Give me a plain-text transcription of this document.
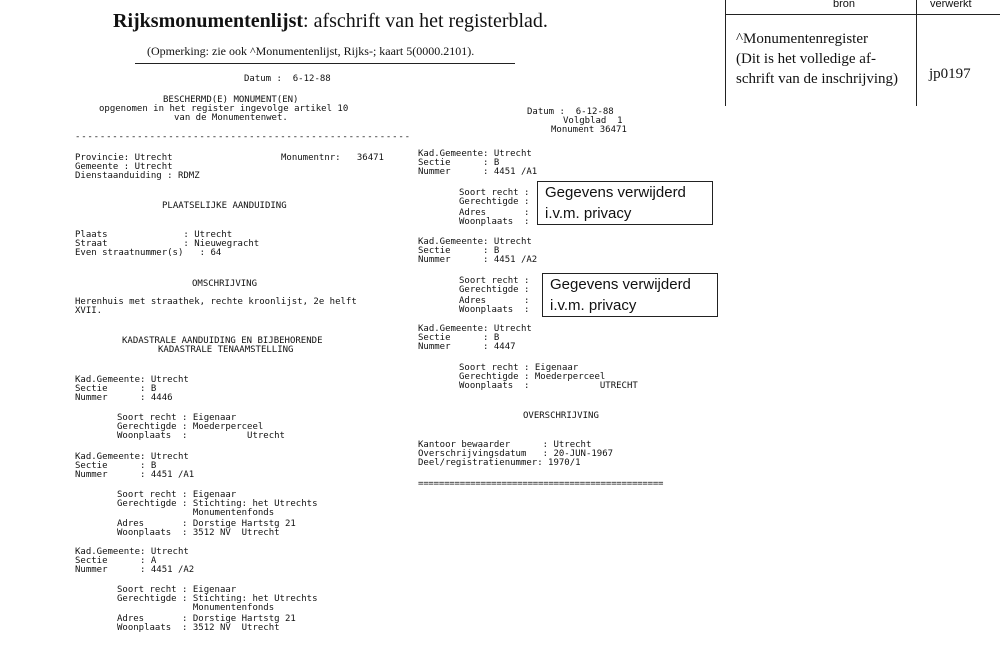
Rijksmonumentenlijst: afschrift van het registerblad.
(Opmerking: zie ook ^Monumentenlijst, Rijks-; kaart 5(0000.2101).

bron

	verwerkt

^Monumentenregister
(Dit is het volledige af-
schrift van de inschrijving)

jp0197

Datum :  6-12-88
BESCHERMD(E) MONUMENT(EN)
opgenomen in het register ingevolge artikel 10
van de Monumentenwet.
------------------------------------------------------
Provincie: Utrecht	Monumentnr:   36471
Gemeente : Utrecht
Dienstaanduiding : RDMZ
PLAATSELIJKE AANDUIDING
Plaats              : Utrecht
Straat              : Nieuwegracht
Even straatnummer(s)   : 64
OMSCHRIJVING
Herenhuis met straathek, rechte kroonlijst, 2e helft
XVII.
KADASTRALE AANDUIDING EN BIJBEHORENDE
KADASTRALE TENAAMSTELLING
Kad.Gemeente: Utrecht
Sectie      : B
Nummer      : 4446
Soort recht : Eigenaar
Gerechtigde : Moederperceel
Woonplaats  :           Utrecht
Kad.Gemeente: Utrecht
Sectie      : B
Nummer      : 4451 /A1
Soort recht : Eigenaar
Gerechtigde : Stichting: het Utrechts
Monumentenfonds
Adres       : Dorstige Hartstg 21
Woonplaats  : 3512 NV  Utrecht
Kad.Gemeente: Utrecht
Sectie      : A
Nummer      : 4451 /A2
Soort recht : Eigenaar
Gerechtigde : Stichting: het Utrechts
Monumentenfonds
Adres       : Dorstige Hartstg 21
Woonplaats  : 3512 NV  Utrecht
Datum :  6-12-88
Volgblad  1
Monument 36471
Kad.Gemeente: Utrecht
Sectie      : B
Nummer      : 4451 /A1
Soort recht :
Gerechtigde :
Adres       :
Woonplaats  :
Kad.Gemeente: Utrecht
Sectie      : B
Nummer      : 4451 /A2
Soort recht :
Gerechtigde :
Adres       :
Woonplaats  :
Kad.Gemeente: Utrecht
Sectie      : B
Nummer      : 4447
Soort recht : Eigenaar
Gerechtigde : Moederperceel
Woonplaats  :             UTRECHT
OVERSCHRIJVING
Kantoor bewaarder      : Utrecht
Overschrijvingsdatum   : 20-JUN-1967
Deel/registratienummer: 1970/1
===============================================
Gegevens verwijderd
i.v.m. privacy
Gegevens verwijderd
i.v.m. privacy
